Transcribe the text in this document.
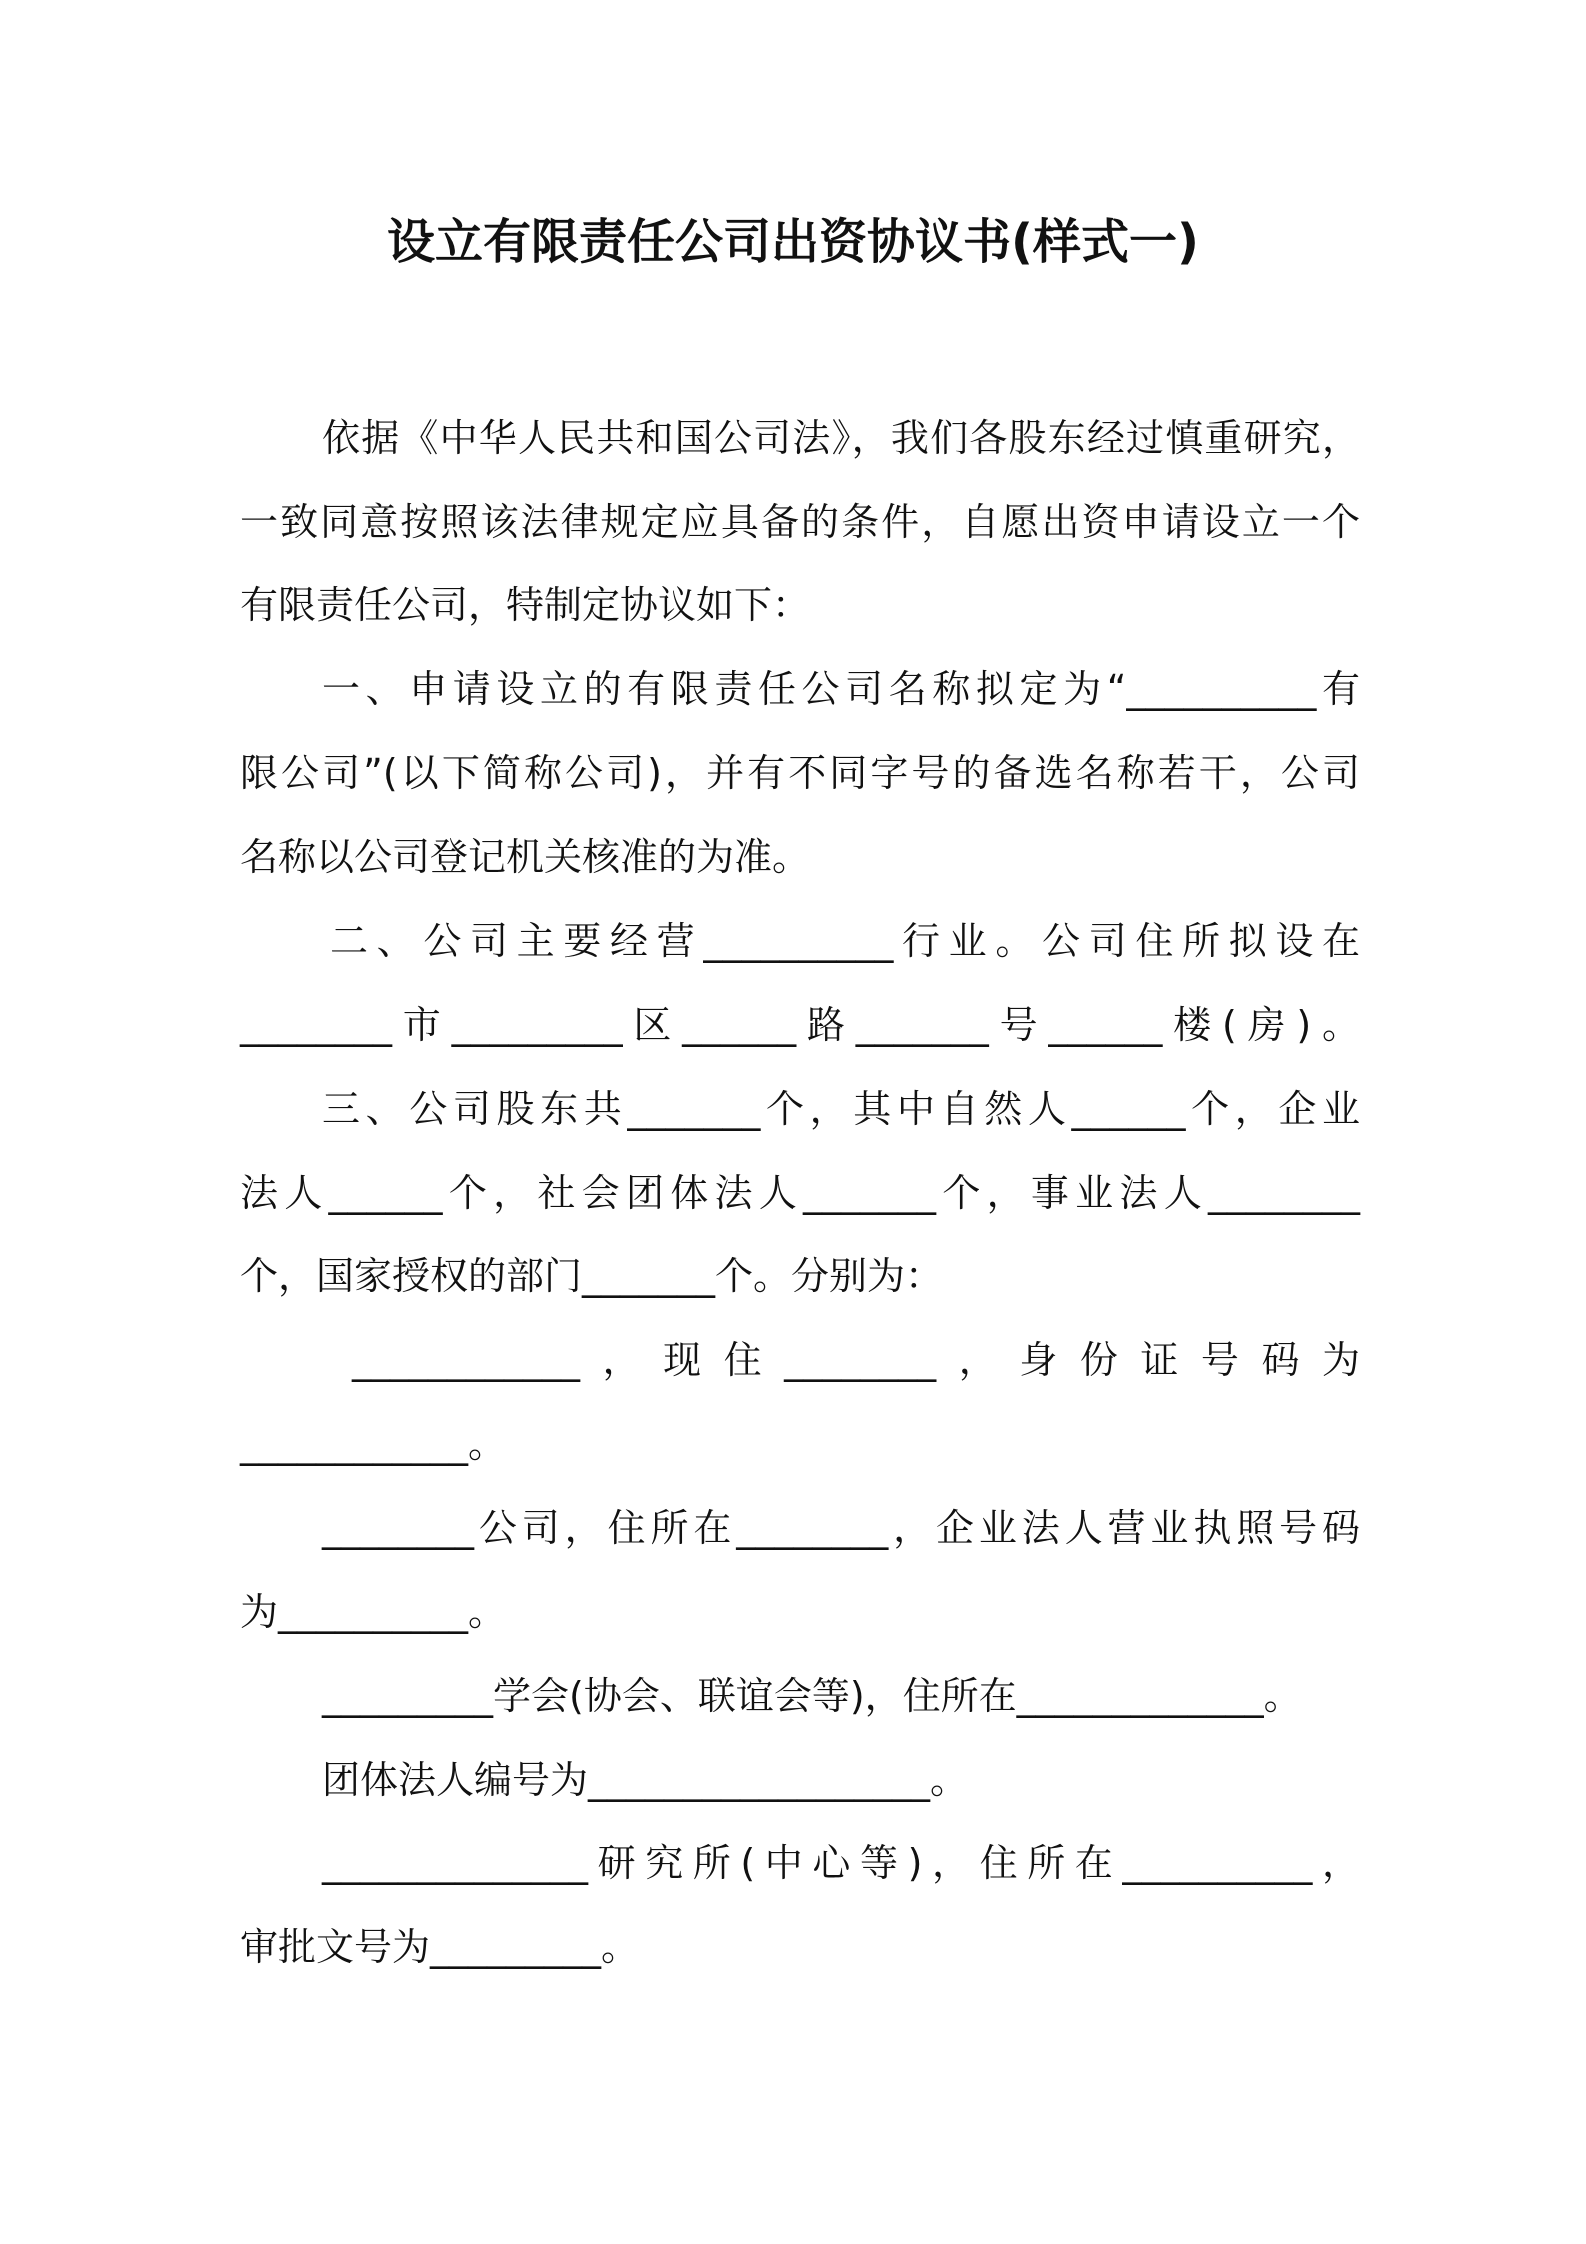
设立有限责任公司出资协议书(样式一)
依据《中华人民共和国公司法》，我们各股东经过慎重研究，
一致同意按照该法律规定应具备的条件，自愿出资申请设立一个
有限责任公司，特制定协议如下：
一、申请设立的有限责任公司名称拟定为“__________有
限公司”(以下简称公司)，并有不同字号的备选名称若干，公司
名称以公司登记机关核准的为准。
二、公司主要经营__________行业。公司住所拟设在
________市_________区______路_______号______楼(房)。
三、公司股东共_______个，其中自然人______个，企业
法人______个，社会团体法人_______个，事业法人________
个，国家授权的部门_______个。分别为：
____________，现住________，身份证号码为
____________。
________公司，住所在________，企业法人营业执照号码
为__________。
_________学会(协会、联谊会等)，住所在_____________。
团体法人编号为__________________。
______________研究所(中心等)，住所在__________，
审批文号为_________。
